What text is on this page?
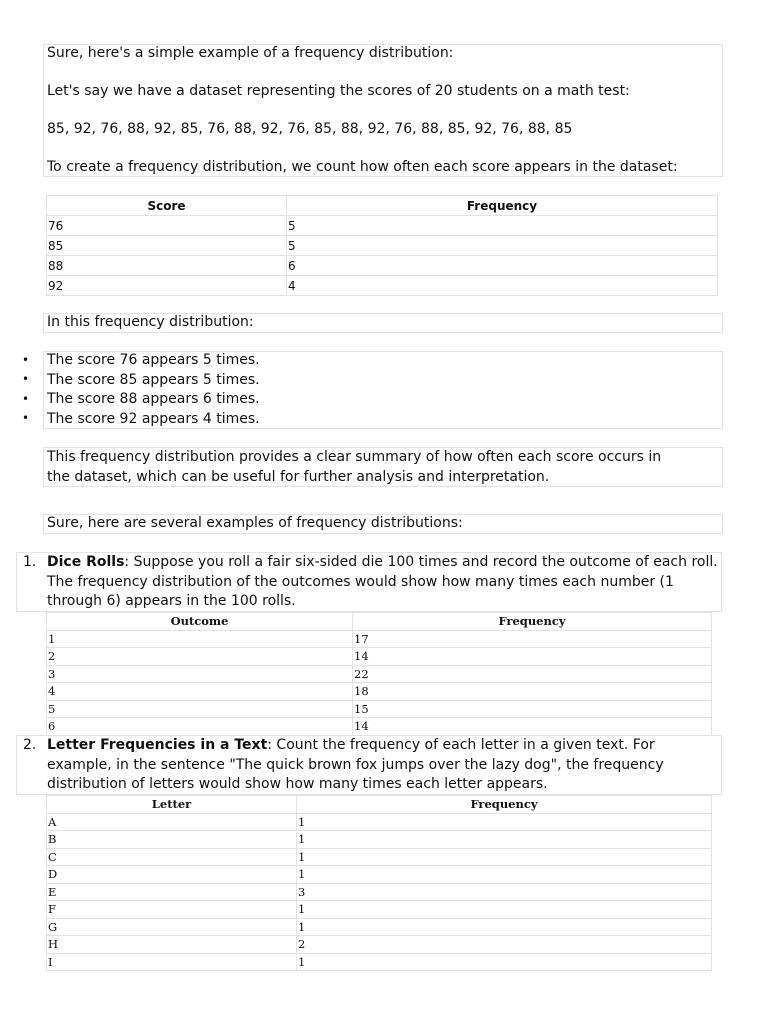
Sure, here's a simple example of a frequency distribution:

Let's say we have a dataset representing the scores of 20 students on a math test:

85, 92, 76, 88, 92, 85, 76, 88, 92, 76, 85, 88, 92, 76, 88, 85, 92, 76, 88, 85

To create a frequency distribution, we count how often each score appears in the dataset:

Score	Frequency
76	5
85	5
88	6
92	4

In this frequency distribution:

•
•
•
•

The score 76 appears 5 times.

The score 85 appears 5 times.

The score 88 appears 6 times.

The score 92 appears 4 times.

This frequency distribution provides a clear summary of how often each score occurs in the dataset, which can be useful for further analysis and interpretation.

Sure, here are several examples of frequency distributions:

1. Dice Rolls: Suppose you roll a fair six-sided die 100 times and record the outcome of each roll. The frequency distribution of the outcomes would show how many times each number (1 through 6) appears in the 100 rolls.

Outcome	Frequency
1	17
2	14
3	22
4	18
5	15
6	14
2. Letter Frequencies in a Text: Count the frequency of each letter in a given text. For example, in the sentence "The quick brown fox jumps over the lazy dog", the frequency distribution of letters would show how many times each letter appears.

Letter	Frequency
A	1
B	1
C	1
D	1
E	3
F	1
G	1
H	2
I	1
